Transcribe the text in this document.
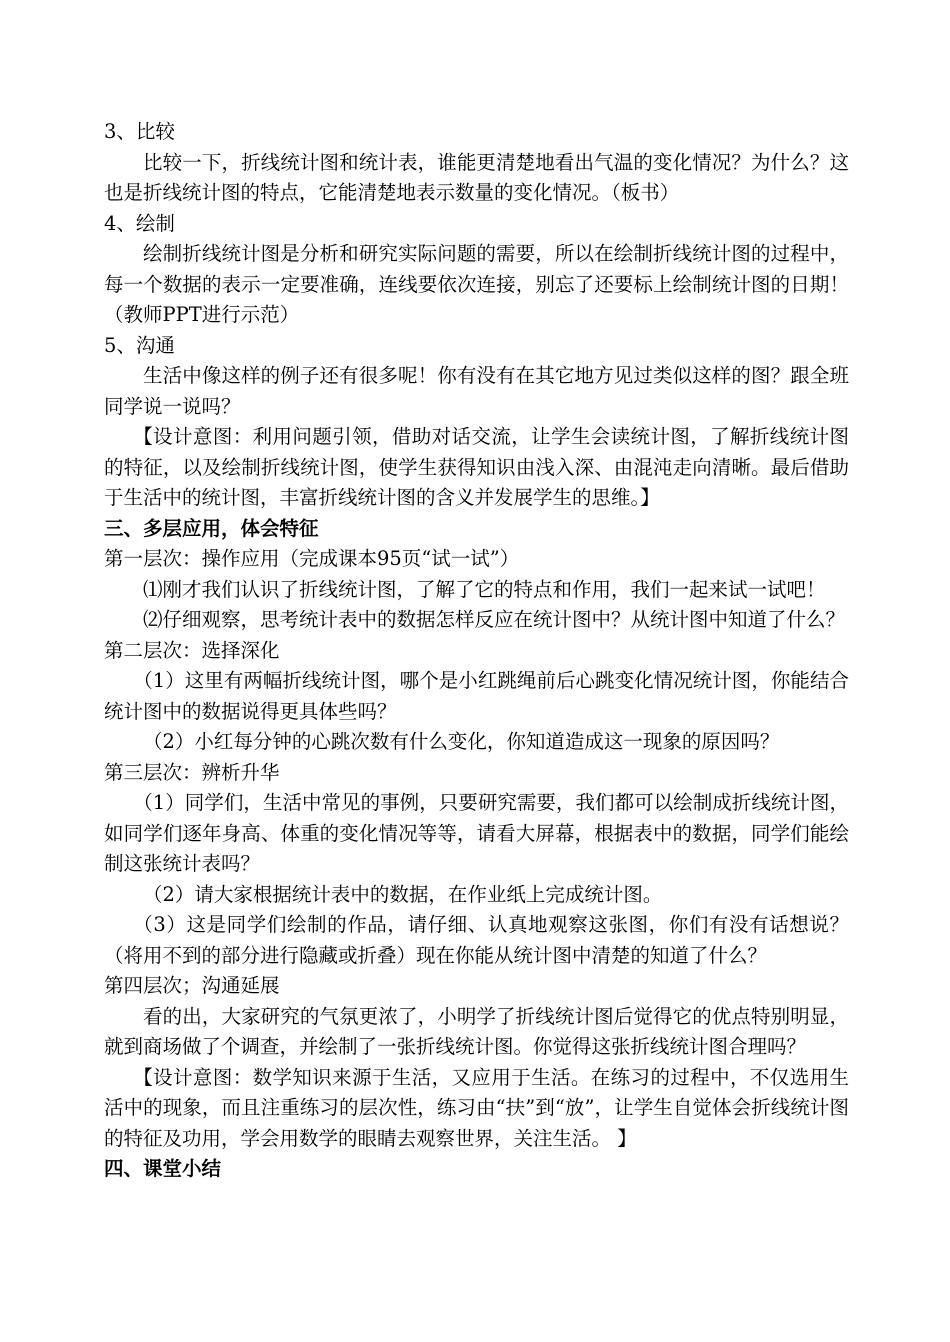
3、比较

比较一下，折线统计图和统计表，谁能更清楚地看出气温的变化情况？为什么？这也是折线统计图的特点，它能清楚地表示数量的变化情况。（板书）

4、绘制

绘制折线统计图是分析和研究实际问题的需要，所以在绘制折线统计图的过程中，每一个数据的表示一定要准确，连线要依次连接，别忘了还要标上绘制统计图的日期！（教师PPT进行示范）

5、沟通

生活中像这样的例子还有很多呢！你有没有在其它地方见过类似这样的图？跟全班同学说一说吗？

【设计意图：利用问题引领，借助对话交流，让学生会读统计图，了解折线统计图的特征，以及绘制折线统计图，使学生获得知识由浅入深、由混沌走向清晰。最后借助于生活中的统计图，丰富折线统计图的含义并发展学生的思维。】

三、多层应用，体会特征

第一层次：操作应用（完成课本95页“试一试”）

⑴刚才我们认识了折线统计图，了解了它的特点和作用，我们一起来试一试吧！

⑵仔细观察，思考统计表中的数据怎样反应在统计图中？从统计图中知道了什么？

第二层次：选择深化

（1）这里有两幅折线统计图，哪个是小红跳绳前后心跳变化情况统计图，你能结合统计图中的数据说得更具体些吗？

（2）小红每分钟的心跳次数有什么变化，你知道造成这一现象的原因吗？

第三层次：辨析升华

（1）同学们，生活中常见的事例，只要研究需要，我们都可以绘制成折线统计图，如同学们逐年身高、体重的变化情况等等，请看大屏幕，根据表中的数据，同学们能绘制这张统计表吗？

（2）请大家根据统计表中的数据，在作业纸上完成统计图。

（3）这是同学们绘制的作品，请仔细、认真地观察这张图，你们有没有话想说？（将用不到的部分进行隐藏或折叠）现在你能从统计图中清楚的知道了什么？

第四层次；沟通延展

看的出，大家研究的气氛更浓了，小明学了折线统计图后觉得它的优点特别明显，就到商场做了个调查，并绘制了一张折线统计图。你觉得这张折线统计图合理吗？

【设计意图：数学知识来源于生活，又应用于生活。在练习的过程中，不仅选用生活中的现象，而且注重练习的层次性，练习由“扶”到“放”，让学生自觉体会折线统计图的特征及功用，学会用数学的眼睛去观察世界，关注生活。 】

四、课堂小结
